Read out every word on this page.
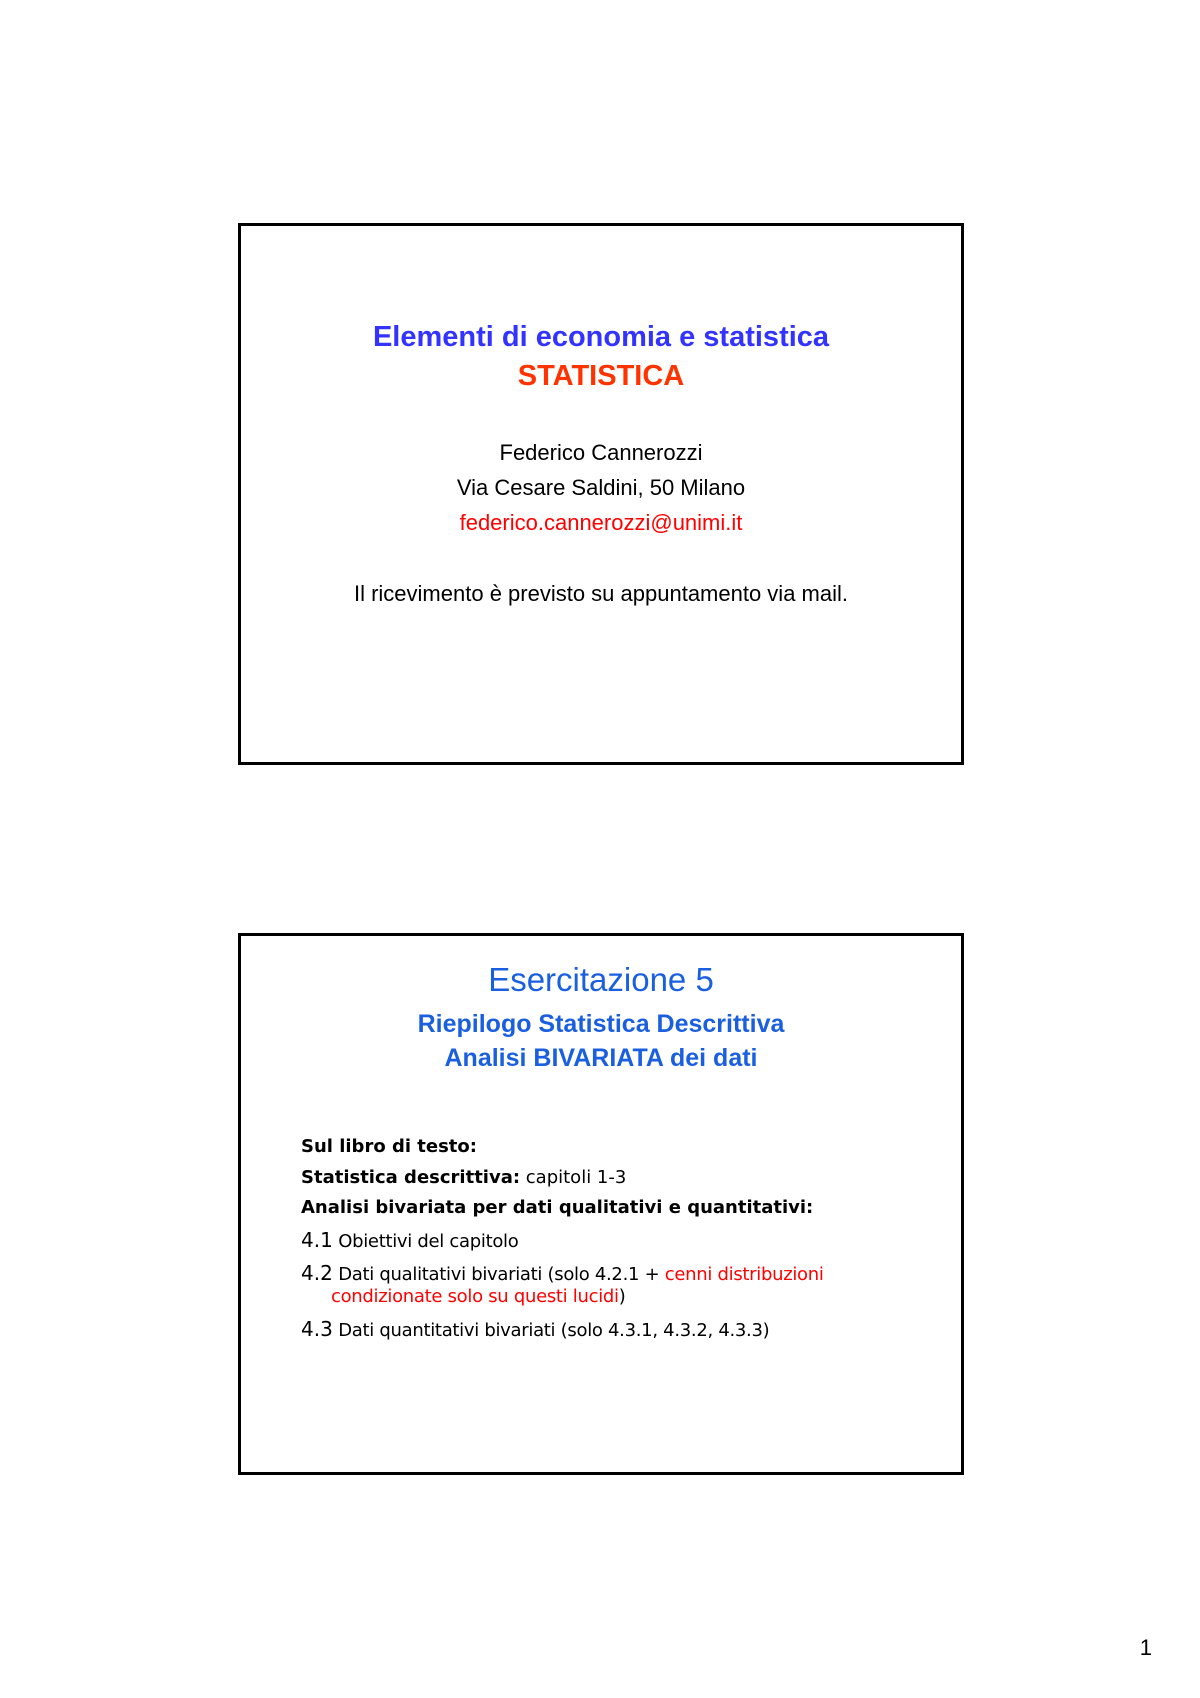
Elementi di economia e statistica
STATISTICA
Federico Cannerozzi
Via Cesare Saldini, 50 Milano
federico.cannerozzi@unimi.it
Il ricevimento è previsto su appuntamento via mail.
Esercitazione 5
Riepilogo Statistica Descrittiva
Analisi BIVARIATA dei dati
Sul libro di testo:
Statistica descrittiva: capitoli 1-3
Analisi bivariata per dati qualitativi e quantitativi:
4.1 Obiettivi del capitolo
4.2 Dati qualitativi bivariati (solo 4.2.1 + cenni distribuzioni
condizionate solo su questi lucidi)
4.3 Dati quantitativi bivariati (solo 4.3.1, 4.3.2, 4.3.3)
1
